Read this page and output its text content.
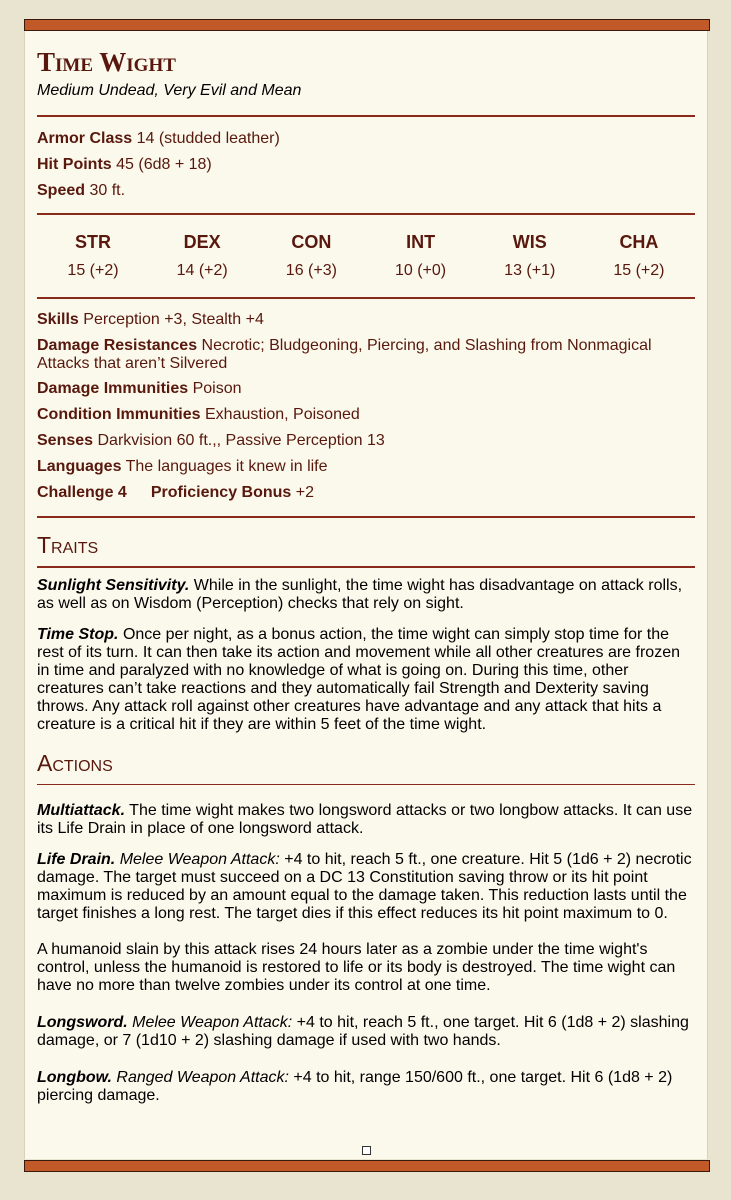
Time Wight
Medium Undead, Very Evil and Mean
Armor Class 14 (studded leather)
Hit Points 45 (6d8 + 18)
Speed 30 ft.
STR
15 (+2)
DEX
14 (+2)
CON
16 (+3)
INT
10 (+0)
WIS
13 (+1)
CHA
15 (+2)
Skills Perception +3, Stealth +4
Damage Resistances Necrotic; Bludgeoning, Piercing, and Slashing from Nonmagical Attacks that aren’t Silvered
Damage Immunities Poison
Condition Immunities Exhaustion, Poisoned
Senses Darkvision 60 ft.,, Passive Perception 13
Languages The languages it knew in life
Challenge 4 Proficiency Bonus +2
Traits
Sunlight Sensitivity. While in the sunlight, the time wight has disadvantage on attack rolls, as well as on Wisdom (Perception) checks that rely on sight.
Time Stop. Once per night, as a bonus action, the time wight can simply stop time for the rest of its turn. It can then take its action and movement while all other creatures are frozen in time and paralyzed with no knowledge of what is going on. During this time, other creatures can’t take reactions and they automatically fail Strength and Dexterity saving throws. Any attack roll against other creatures have advantage and any attack that hits a creature is a critical hit if they are within 5 feet of the time wight.
Actions
Multiattack. The time wight makes two longsword attacks or two longbow attacks. It can use its Life Drain in place of one longsword attack.
Life Drain. Melee Weapon Attack: +4 to hit, reach 5 ft., one creature. Hit 5 (1d6 + 2) necrotic damage. The target must succeed on a DC 13 Constitution saving throw or its hit point maximum is reduced by an amount equal to the damage taken. This reduction lasts until the target finishes a long rest. The target dies if this effect reduces its hit point maximum to 0.
A humanoid slain by this attack rises 24 hours later as a zombie under the time wight's control, unless the humanoid is restored to life or its body is destroyed. The time wight can have no more than twelve zombies under its control at one time.
Longsword. Melee Weapon Attack: +4 to hit, reach 5 ft., one target. Hit 6 (1d8 + 2) slashing damage, or 7 (1d10 + 2) slashing damage if used with two hands.
Longbow. Ranged Weapon Attack: +4 to hit, range 150/600 ft., one target. Hit 6 (1d8 + 2) piercing damage.
